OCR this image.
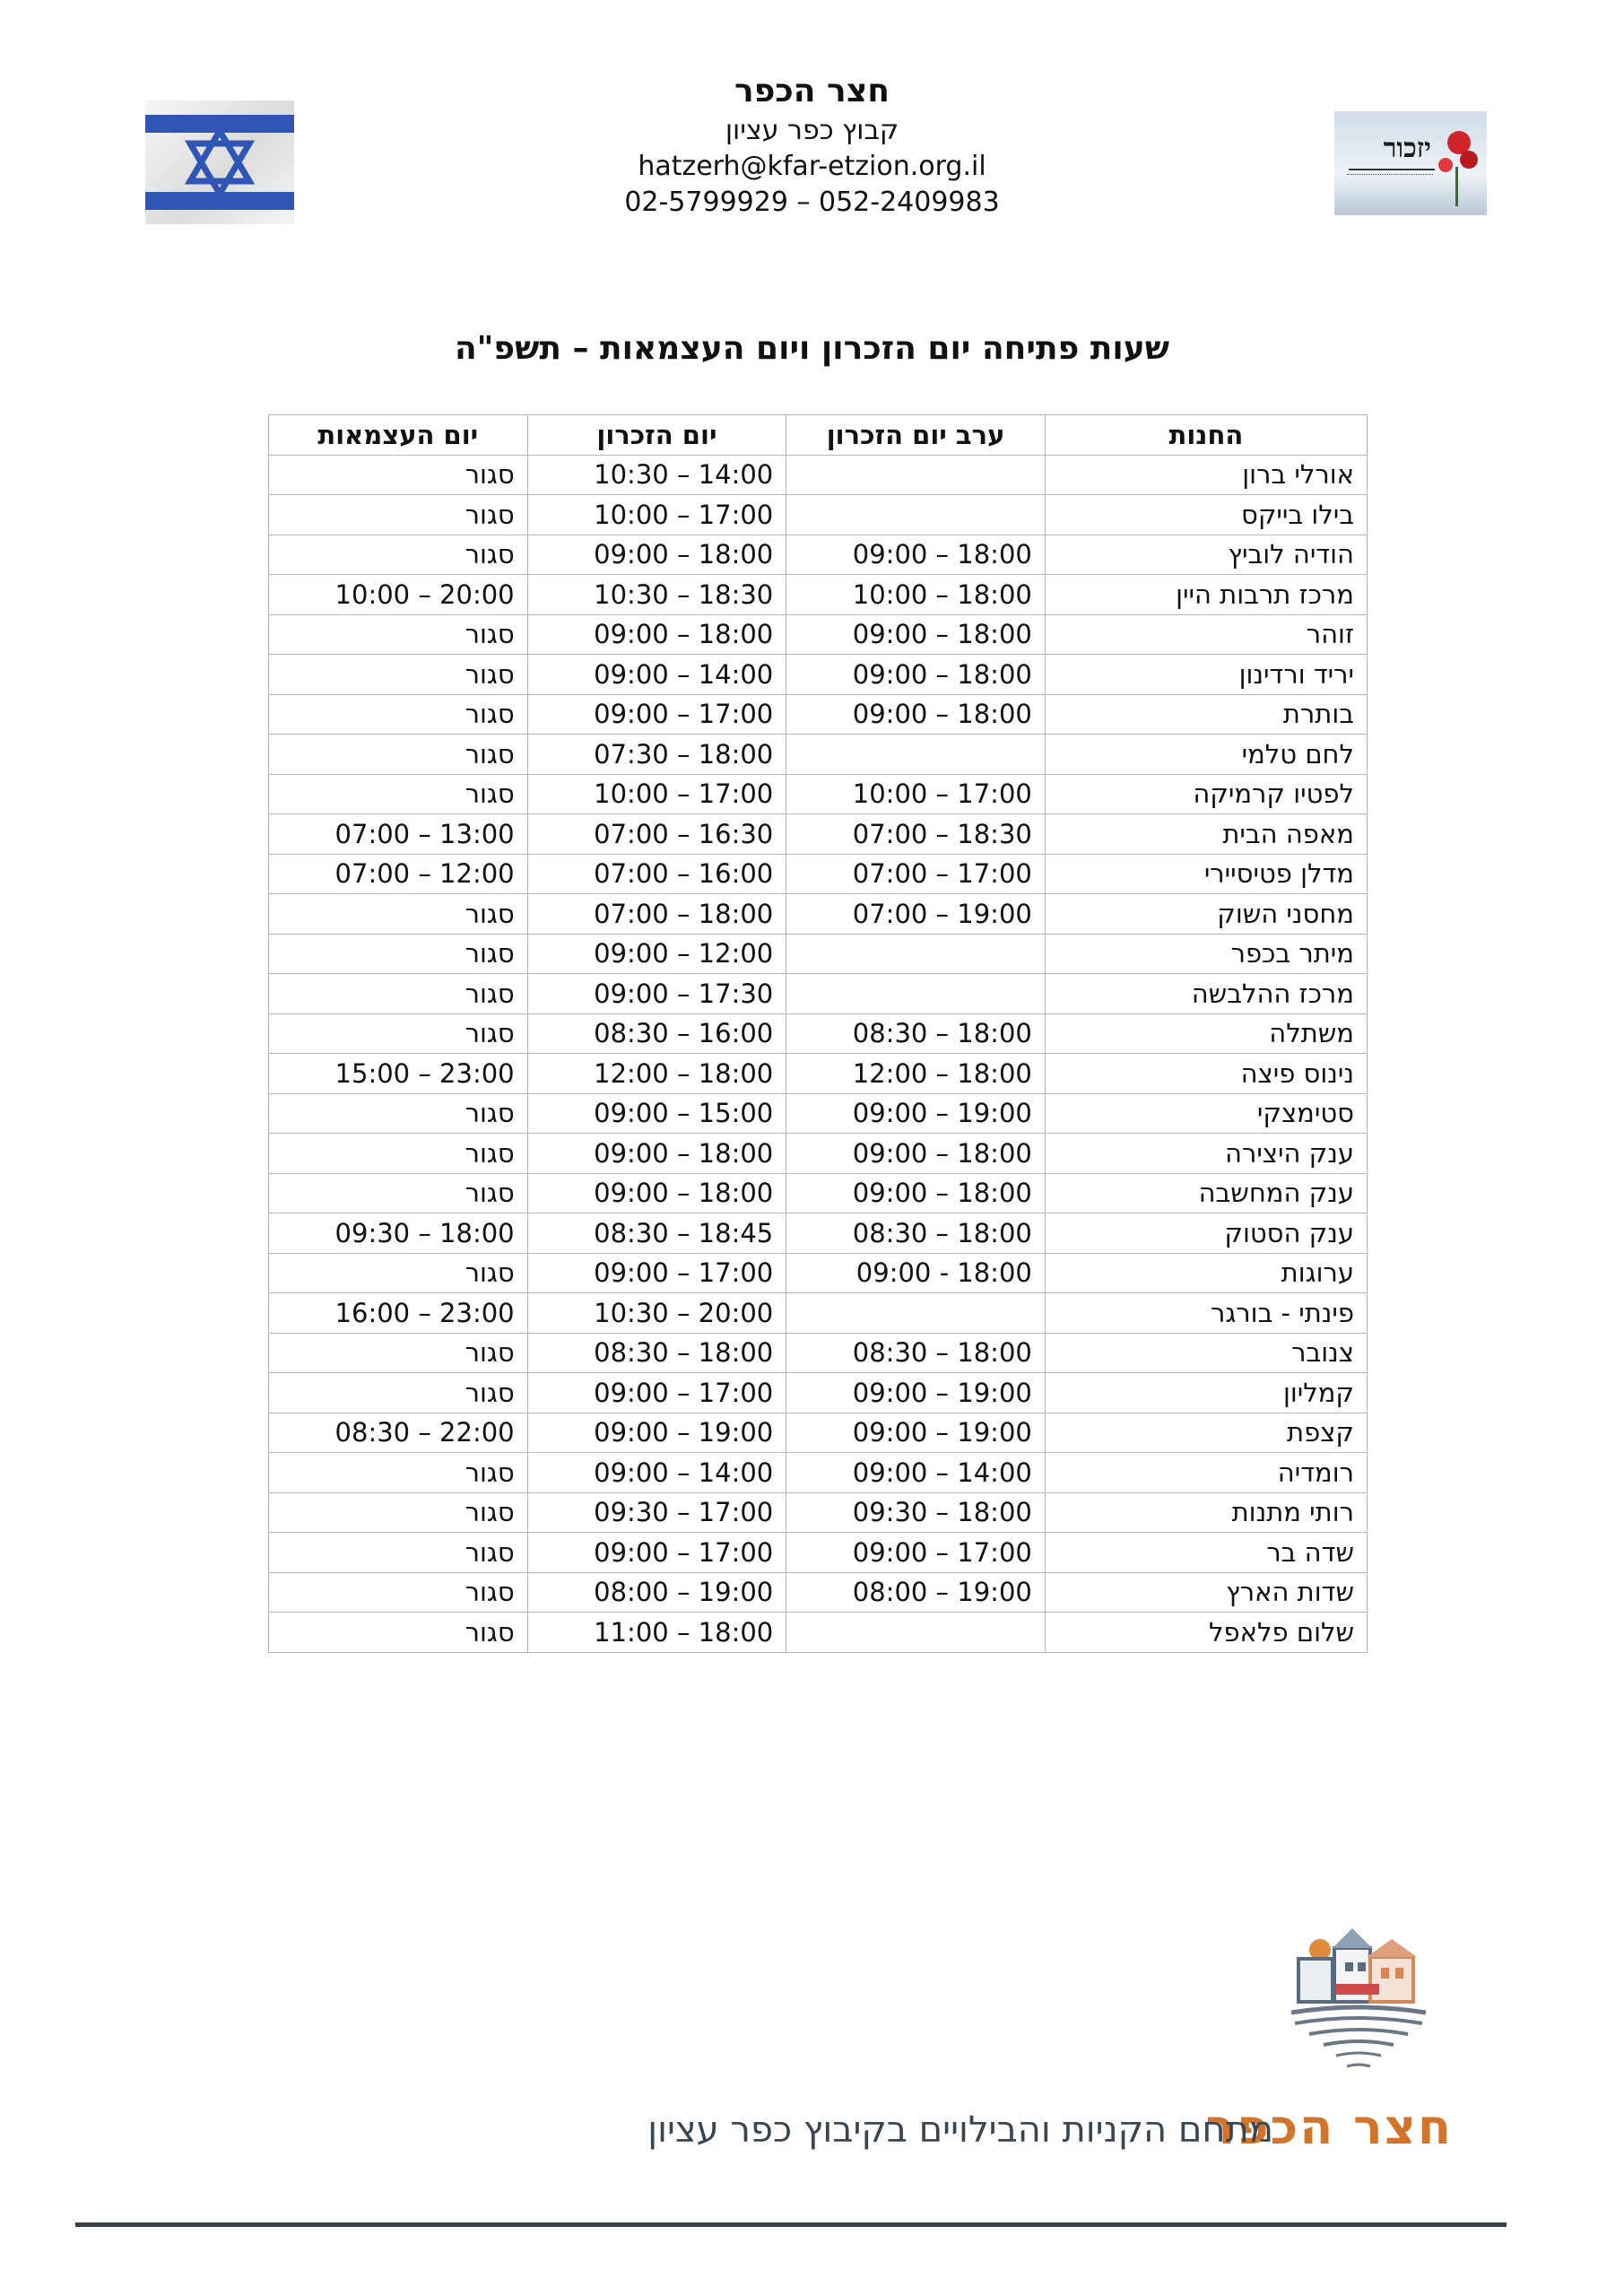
חצר הכפר
קבוץ כפר עציון
hatzerh@kfar-etzion.org.il
02-5799929 – 052-2409983
יזכור
שעות פתיחה יום הזכרון ויום העצמאות – תשפ"ה
החנות	ערב יום הזכרון	יום הזכרון	יום העצמאות
אורלי ברון		10:30 – 14:00	סגור
בילו בייקס		10:00 – 17:00	סגור
הודיה לוביץ	09:00 – 18:00	09:00 – 18:00	סגור
מרכז תרבות היין	10:00 – 18:00	10:30 – 18:30	10:00 – 20:00
זוהר	09:00 – 18:00	09:00 – 18:00	סגור
יריד ורדינון	09:00 – 18:00	09:00 – 14:00	סגור
בותרת	09:00 – 18:00	09:00 – 17:00	סגור
לחם טלמי		07:30 – 18:00	סגור
לפטיו קרמיקה	10:00 – 17:00	10:00 – 17:00	סגור
מאפה הבית	07:00 – 18:30	07:00 – 16:30	07:00 – 13:00
מדלן פטיסיירי	07:00 – 17:00	07:00 – 16:00	07:00 – 12:00
מחסני השוק	07:00 – 19:00	07:00 – 18:00	סגור
מיתר בכפר		09:00 – 12:00	סגור
מרכז ההלבשה		09:00 – 17:30	סגור
משתלה	08:30 – 18:00	08:30 – 16:00	סגור
נינוס פיצה	12:00 – 18:00	12:00 – 18:00	15:00 – 23:00
סטימצקי	09:00 – 19:00	09:00 – 15:00	סגור
ענק היצירה	09:00 – 18:00	09:00 – 18:00	סגור
ענק המחשבה	09:00 – 18:00	09:00 – 18:00	סגור
ענק הסטוק	08:30 – 18:00	08:30 – 18:45	09:30 – 18:00
ערוגות	09:00 - 18:00	09:00 – 17:00	סגור
פינתי - בורגר		10:30 – 20:00	16:00 – 23:00
צנובר	08:30 – 18:00	08:30 – 18:00	סגור
קמליון	09:00 – 19:00	09:00 – 17:00	סגור
קצפת	09:00 – 19:00	09:00 – 19:00	08:30 – 22:00
רומדיה	09:00 – 14:00	09:00 – 14:00	סגור
רותי מתנות	09:30 – 18:00	09:30 – 17:00	סגור
שדה בר	09:00 – 17:00	09:00 – 17:00	סגור
שדות הארץ	08:00 – 19:00	08:00 – 19:00	סגור
שלום פלאפל		11:00 – 18:00	סגור
חצר הכפר
מתחם הקניות והבילויים בקיבוץ כפר עציון
